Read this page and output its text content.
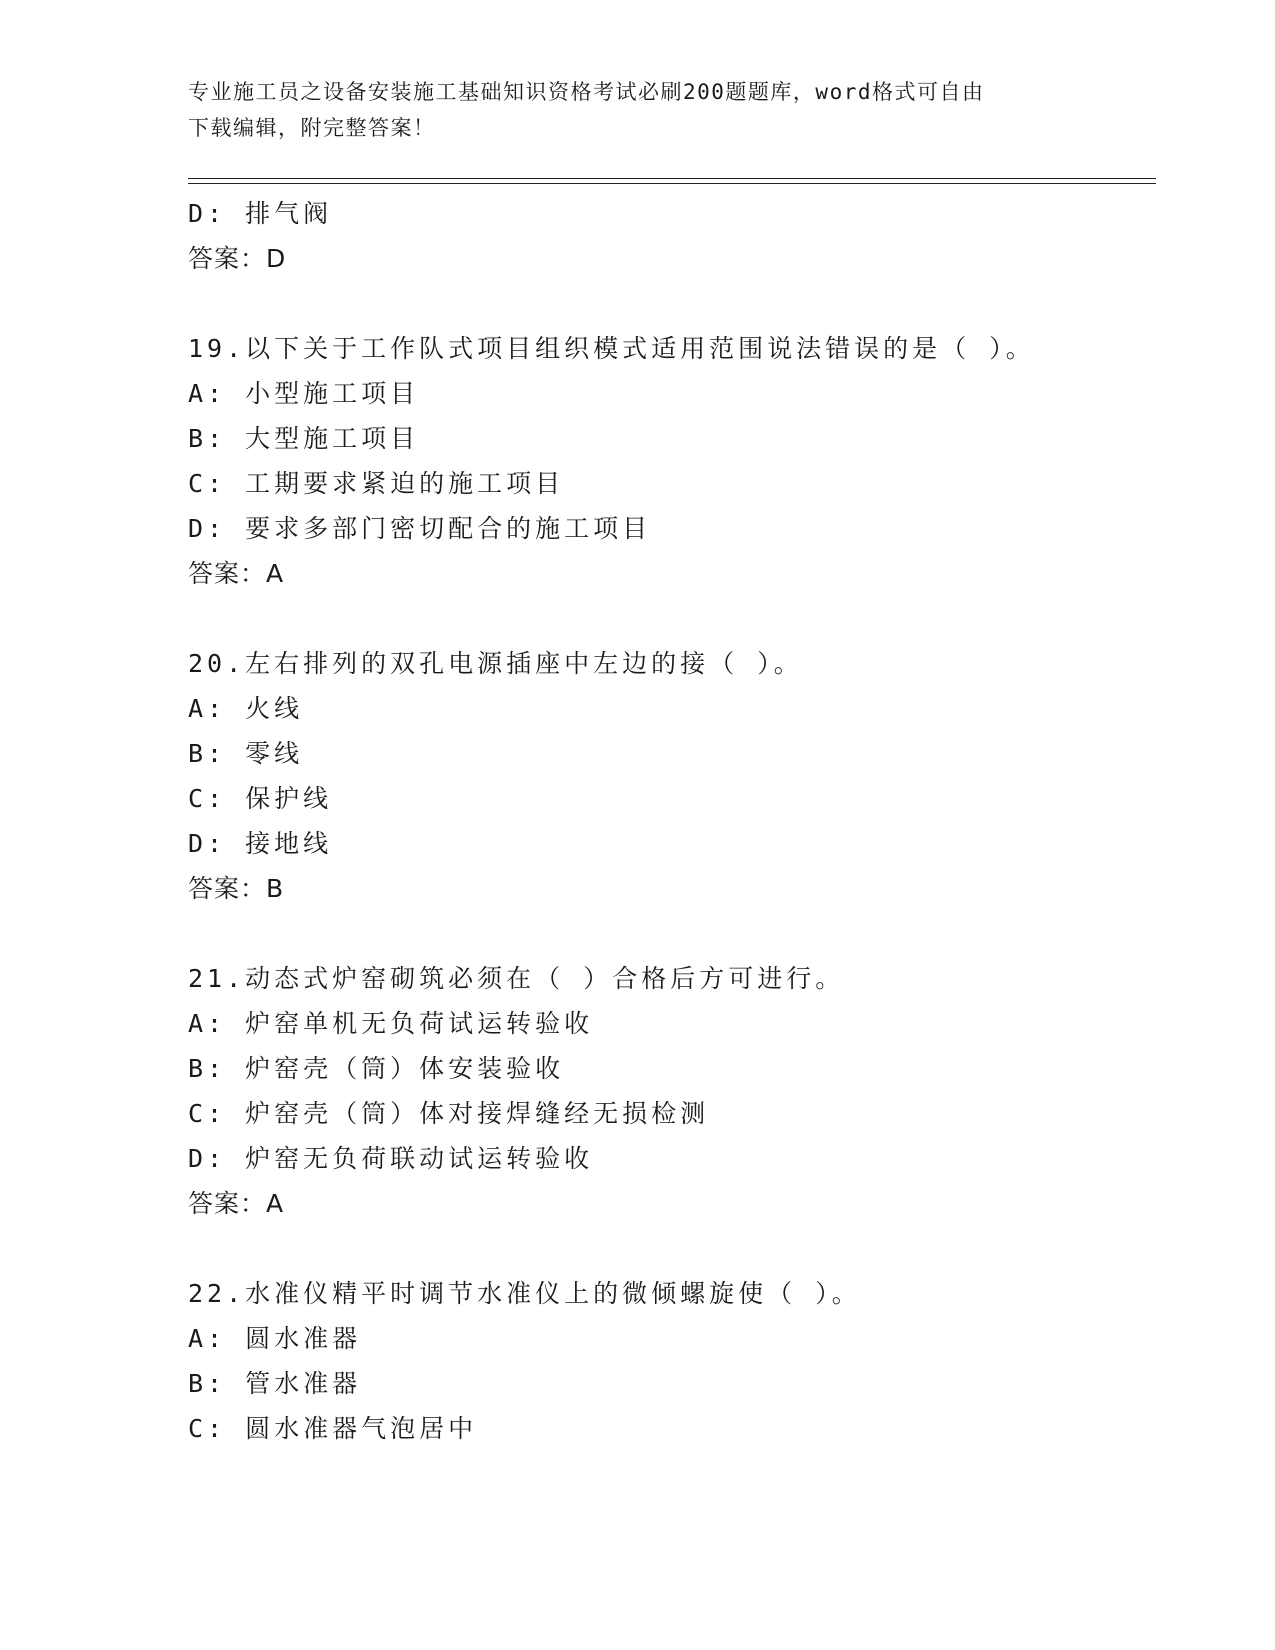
专业施工员之设备安装施工基础知识资格考试必刷200题题库，word格式可自由
下载编辑，附完整答案！
D: 排气阀
答案：D
19.以下关于工作队式项目组织模式适用范围说法错误的是（ ）。
A: 小型施工项目
B: 大型施工项目
C: 工期要求紧迫的施工项目
D: 要求多部门密切配合的施工项目
答案：A
20.左右排列的双孔电源插座中左边的接（ ）。
A: 火线
B: 零线
C: 保护线
D: 接地线
答案：B
21.动态式炉窑砌筑必须在（ ）合格后方可进行。
A: 炉窑单机无负荷试运转验收
B: 炉窑壳（筒）体安装验收
C: 炉窑壳（筒）体对接焊缝经无损检测
D: 炉窑无负荷联动试运转验收
答案：A
22.水准仪精平时调节水准仪上的微倾螺旋使（ ）。
A: 圆水准器
B: 管水准器
C: 圆水准器气泡居中
